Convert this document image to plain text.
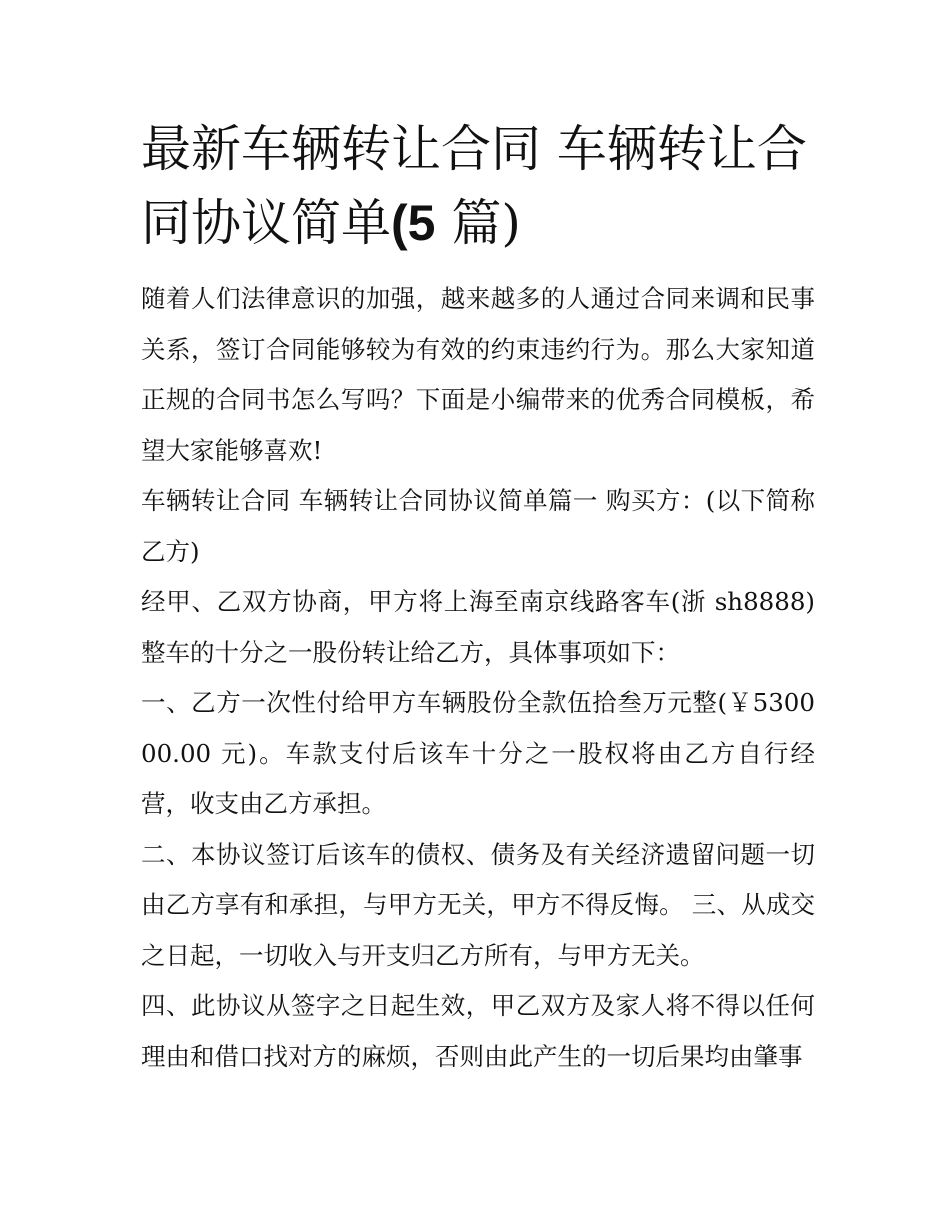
最新车辆转让合同 车辆转让合同协议简单(5 篇)

随着人们法律意识的加强，越来越多的人通过合同来调和民事关系，签订合同能够较为有效的约束违约行为。那么大家知道正规的合同书怎么写吗？下面是小编带来的优秀合同模板，希望大家能够喜欢!

车辆转让合同 车辆转让合同协议简单篇一 购买方：(以下简称乙方)

经甲、乙双方协商，甲方将上海至南京线路客车(浙 sh8888)整车的十分之一股份转让给乙方，具体事项如下：

一、乙方一次性付给甲方车辆股份全款伍拾叁万元整(￥530000.00 元)。车款支付后该车十分之一股权将由乙方自行经营，收支由乙方承担。

二、本协议签订后该车的债权、债务及有关经济遗留问题一切由乙方享有和承担，与甲方无关，甲方不得反悔。 三、从成交之日起，一切收入与开支归乙方所有，与甲方无关。

四、此协议从签字之日起生效，甲乙双方及家人将不得以任何理由和借口找对方的麻烦，否则由此产生的一切后果均由肇事
